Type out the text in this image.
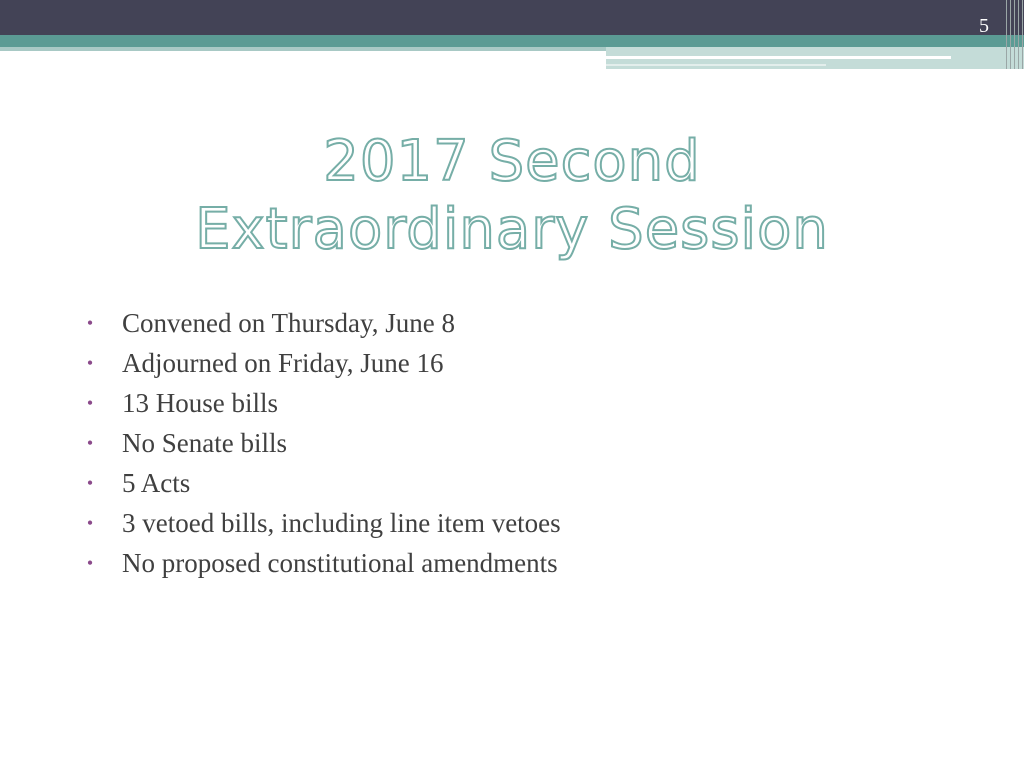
5
2017 Second
Extraordinary Session
• Convened on Thursday, June 8
• Adjourned on Friday, June 16
• 13 House bills
• No Senate bills
• 5 Acts
• 3 vetoed bills, including line item vetoes
• No proposed constitutional amendments
